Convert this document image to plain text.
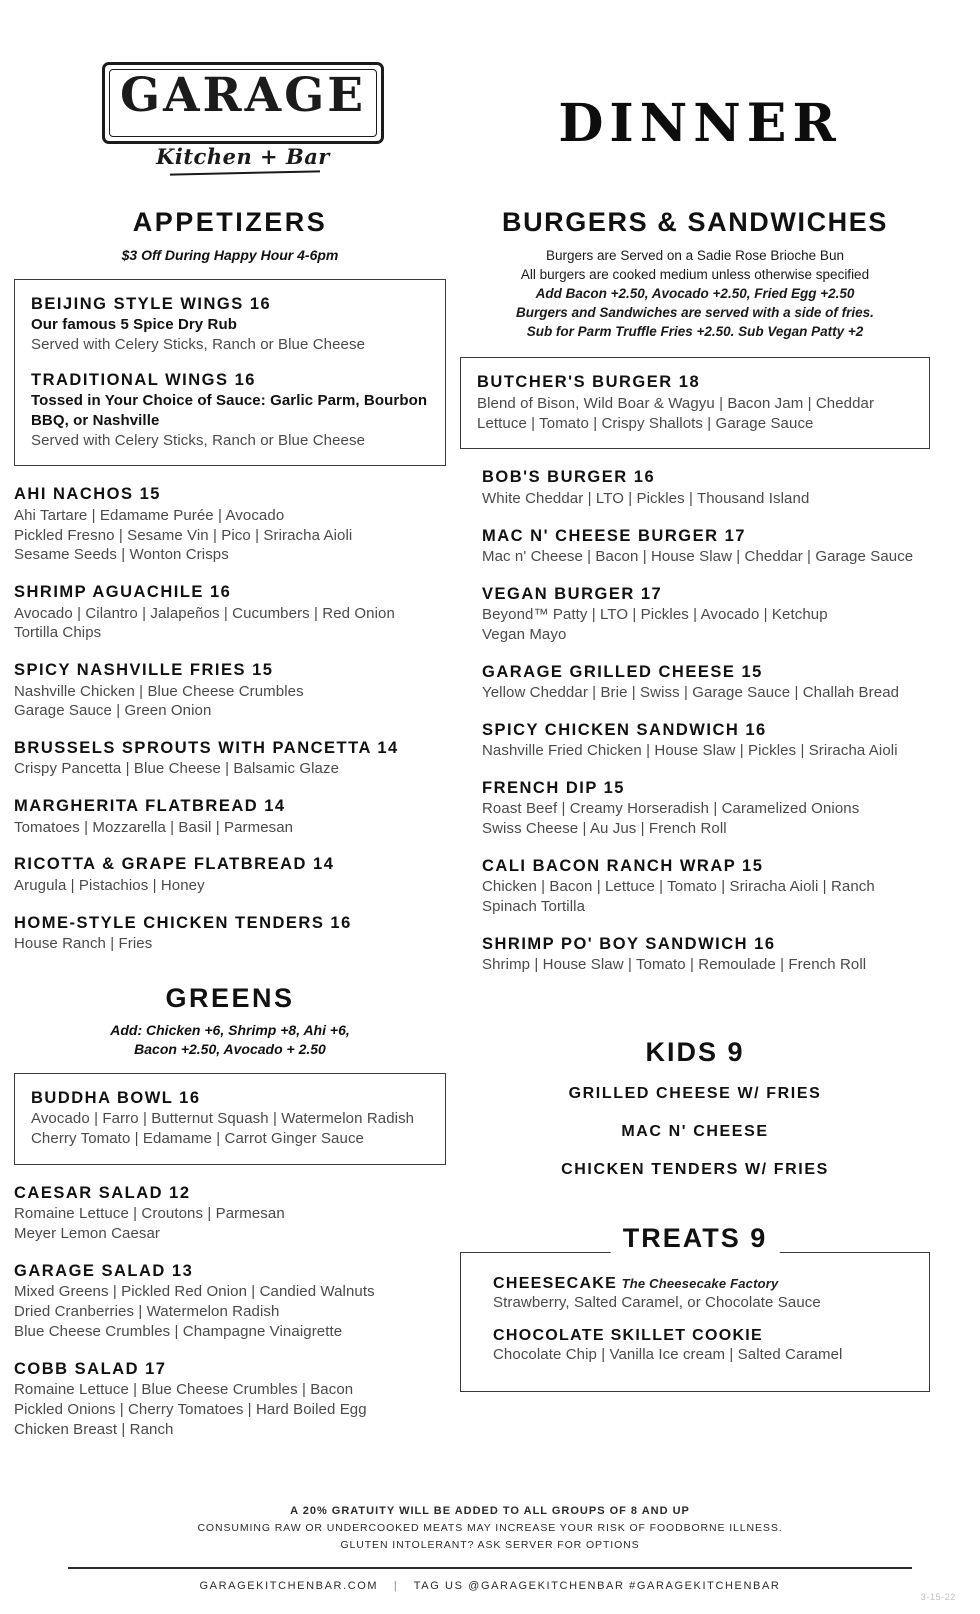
GARAGE
Kitchen + Bar
DINNER
APPETIZERS
$3 Off During Happy Hour 4-6pm
BEIJING STYLE WINGS 16
Our famous 5 Spice Dry Rub
Served with Celery Sticks, Ranch or Blue Cheese
TRADITIONAL WINGS 16
Tossed in Your Choice of Sauce: Garlic Parm, Bourbon BBQ, or Nashville
Served with Celery Sticks, Ranch or Blue Cheese
AHI NACHOS 15
Ahi Tartare | Edamame Purée | Avocado
Pickled Fresno | Sesame Vin | Pico | Sriracha Aioli
Sesame Seeds | Wonton Crisps
SHRIMP AGUACHILE 16
Avocado | Cilantro | Jalapeños | Cucumbers | Red Onion
Tortilla Chips
SPICY NASHVILLE FRIES 15
Nashville Chicken | Blue Cheese Crumbles
Garage Sauce | Green Onion
BRUSSELS SPROUTS WITH PANCETTA 14
Crispy Pancetta | Blue Cheese | Balsamic Glaze
MARGHERITA FLATBREAD 14
Tomatoes | Mozzarella | Basil | Parmesan
RICOTTA & GRAPE FLATBREAD 14
Arugula | Pistachios | Honey
HOME-STYLE CHICKEN TENDERS 16
House Ranch | Fries
GREENS
Add: Chicken +6, Shrimp +8, Ahi +6,
Bacon +2.50, Avocado + 2.50
BUDDHA BOWL 16
Avocado | Farro | Butternut Squash | Watermelon Radish
Cherry Tomato | Edamame | Carrot Ginger Sauce
CAESAR SALAD 12
Romaine Lettuce | Croutons | Parmesan
Meyer Lemon Caesar
GARAGE SALAD 13
Mixed Greens | Pickled Red Onion | Candied Walnuts
Dried Cranberries | Watermelon Radish
Blue Cheese Crumbles | Champagne Vinaigrette
COBB SALAD 17
Romaine Lettuce | Blue Cheese Crumbles | Bacon
Pickled Onions | Cherry Tomatoes | Hard Boiled Egg
Chicken Breast | Ranch
BURGERS & SANDWICHES
Burgers are Served on a Sadie Rose Brioche Bun
All burgers are cooked medium unless otherwise specified
Add Bacon +2.50, Avocado +2.50, Fried Egg +2.50
Burgers and Sandwiches are served with a side of fries.
Sub for Parm Truffle Fries +2.50. Sub Vegan Patty +2
BUTCHER'S BURGER 18
Blend of Bison, Wild Boar & Wagyu | Bacon Jam | Cheddar
Lettuce | Tomato | Crispy Shallots | Garage Sauce
BOB'S BURGER 16
White Cheddar | LTO | Pickles | Thousand Island
MAC N' CHEESE BURGER 17
Mac n' Cheese | Bacon | House Slaw | Cheddar | Garage Sauce
VEGAN BURGER 17
Beyond™ Patty | LTO | Pickles | Avocado | Ketchup
Vegan Mayo
GARAGE GRILLED CHEESE 15
Yellow Cheddar | Brie | Swiss | Garage Sauce | Challah Bread
SPICY CHICKEN SANDWICH 16
Nashville Fried Chicken | House Slaw | Pickles | Sriracha Aioli
FRENCH DIP 15
Roast Beef | Creamy Horseradish | Caramelized Onions
Swiss Cheese | Au Jus | French Roll
CALI BACON RANCH WRAP 15
Chicken | Bacon | Lettuce | Tomato | Sriracha Aioli | Ranch
Spinach Tortilla
SHRIMP PO' BOY SANDWICH 16
Shrimp | House Slaw | Tomato | Remoulade | French Roll
KIDS 9
GRILLED CHEESE W/ FRIES
MAC N' CHEESE
CHICKEN TENDERS W/ FRIES
TREATS 9
CHEESECAKE The Cheesecake Factory
Strawberry, Salted Caramel, or Chocolate Sauce
CHOCOLATE SKILLET COOKIE
Chocolate Chip | Vanilla Ice cream | Salted Caramel
A 20% GRATUITY WILL BE ADDED TO ALL GROUPS OF 8 AND UP
CONSUMING RAW OR UNDERCOOKED MEATS MAY INCREASE YOUR RISK OF FOODBORNE ILLNESS.
GLUTEN INTOLERANT? ASK SERVER FOR OPTIONS
GARAGEKITCHENBAR.COM | TAG US @GARAGEKITCHENBAR #GARAGEKITCHENBAR
3-15-22
